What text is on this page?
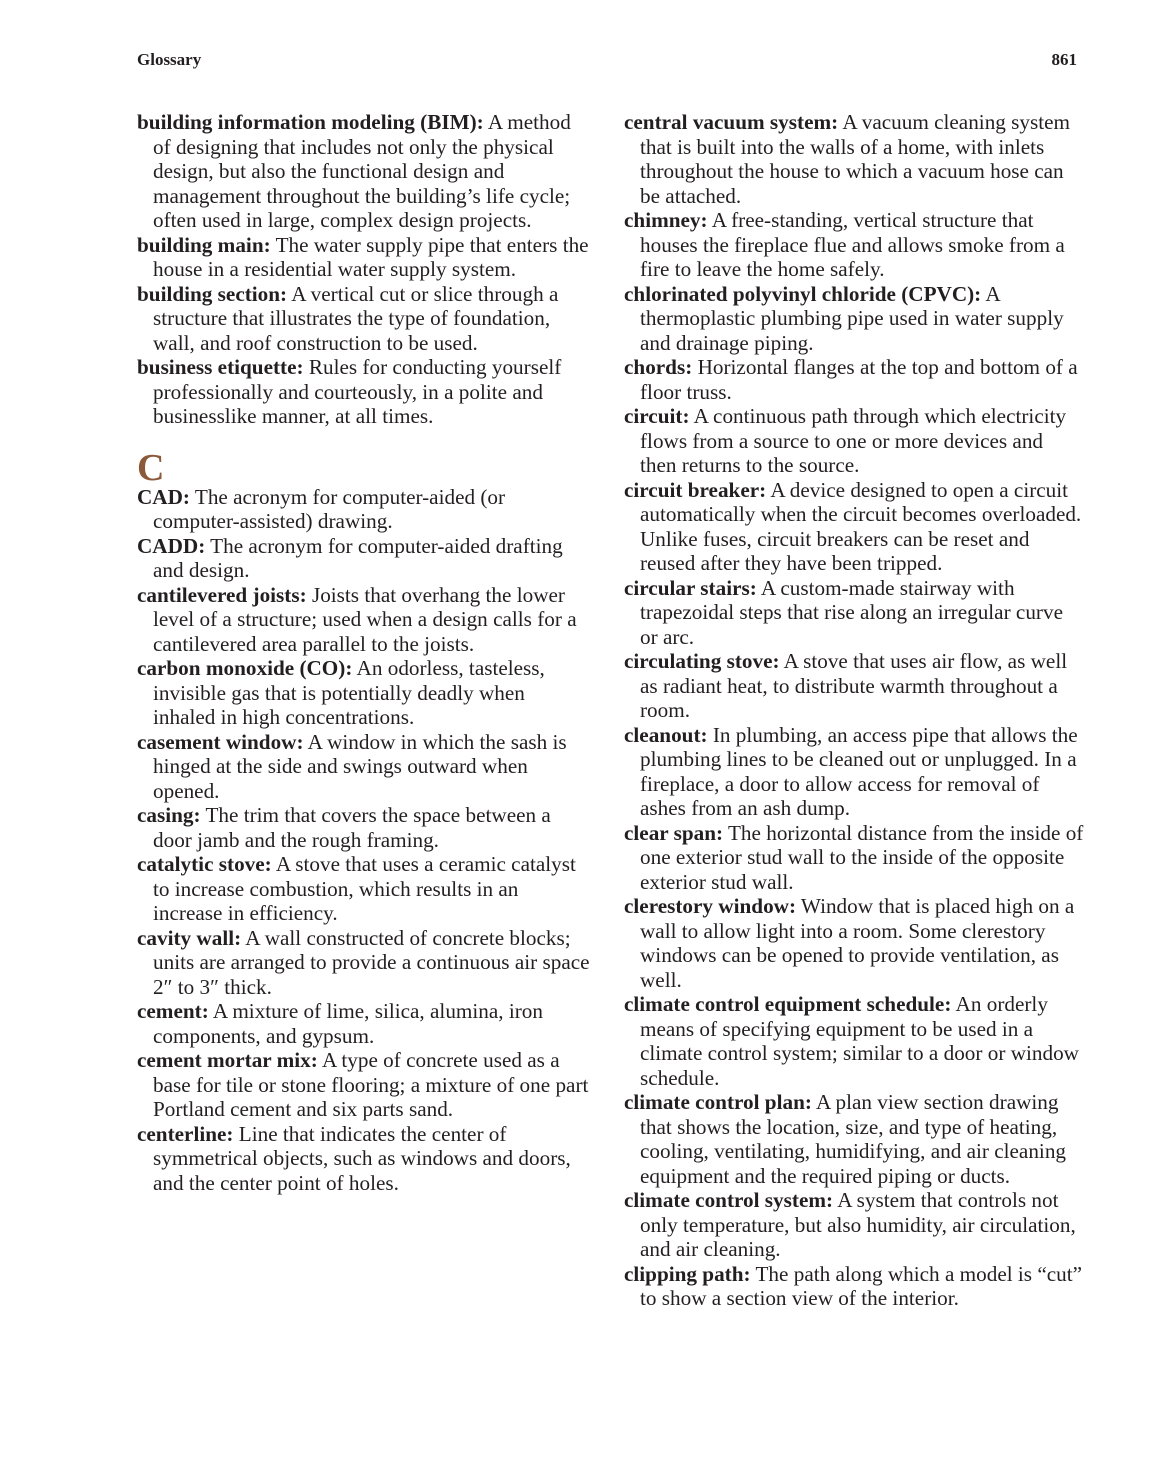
Glossary	861

building information modeling (BIM): A method of designing that includes not only the physical design, but also the functional design and management throughout the building’s life cycle; often used in large, complex design projects.

building main: The water supply pipe that enters the house in a residential water supply system.

building section: A vertical cut or slice through a structure that illustrates the type of foundation, wall, and roof construction to be used.

business etiquette: Rules for conducting yourself professionally and courteously, in a polite and businesslike manner, at all times.

C

CAD: The acronym for computer-aided (or computer-assisted) drawing.

CADD: The acronym for computer-aided drafting and design.

cantilevered joists: Joists that overhang the lower level of a structure; used when a design calls for a cantilevered area parallel to the joists.

carbon monoxide (CO): An odorless, tasteless, invisible gas that is potentially deadly when inhaled in high concentrations.

casement window: A window in which the sash is hinged at the side and swings outward when opened.

casing: The trim that covers the space between a door jamb and the rough framing.

catalytic stove: A stove that uses a ceramic catalyst to increase combustion, which results in an increase in efficiency.

cavity wall: A wall constructed of concrete blocks; units are arranged to provide a continuous air space 2″ to 3″ thick.

cement: A mixture of lime, silica, alumina, iron components, and gypsum.

cement mortar mix: A type of concrete used as a base for tile or stone flooring; a mixture of one part Portland cement and six parts sand.

centerline: Line that indicates the center of symmetrical objects, such as windows and doors, and the center point of holes.

central vacuum system: A vacuum cleaning system that is built into the walls of a home, with inlets throughout the house to which a vacuum hose can be attached.

chimney: A free-standing, vertical structure that houses the fireplace flue and allows smoke from a fire to leave the home safely.

chlorinated polyvinyl chloride (CPVC): A thermoplastic plumbing pipe used in water supply and drainage piping.

chords: Horizontal flanges at the top and bottom of a floor truss.

circuit: A continuous path through which electricity flows from a source to one or more devices and then returns to the source.

circuit breaker: A device designed to open a circuit automatically when the circuit becomes overloaded. Unlike fuses, circuit breakers can be reset and reused after they have been tripped.

circular stairs: A custom-made stairway with trapezoidal steps that rise along an irregular curve or arc.

circulating stove: A stove that uses air flow, as well as radiant heat, to distribute warmth throughout a room.

cleanout: In plumbing, an access pipe that allows the plumbing lines to be cleaned out or unplugged. In a fireplace, a door to allow access for removal of ashes from an ash dump.

clear span: The horizontal distance from the inside of one exterior stud wall to the inside of the opposite exterior stud wall.

clerestory window: Window that is placed high on a wall to allow light into a room. Some clerestory windows can be opened to provide ventilation, as well.

climate control equipment schedule: An orderly means of specifying equipment to be used in a climate control system; similar to a door or window schedule.

climate control plan: A plan view section drawing that shows the location, size, and type of heating, cooling, ventilating, humidifying, and air cleaning equipment and the required piping or ducts.

climate control system: A system that controls not only temperature, but also humidity, air circulation, and air cleaning.

clipping path: The path along which a model is “cut” to show a section view of the interior.
